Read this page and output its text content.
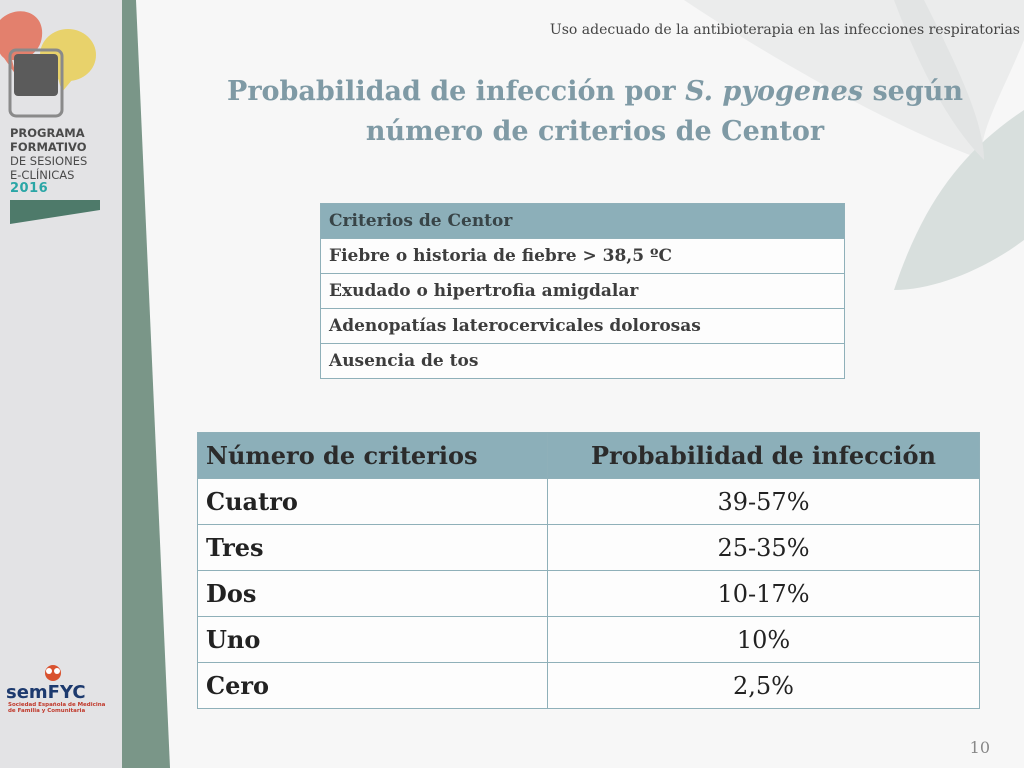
PROGRAMA
FORMATIVO
DE SESIONES
E-CLÍNICAS
2016
semFYC
Sociedad Española de Medicina de Familia y Comunitaria
Uso adecuado de la antibioterapia en las infecciones respiratorias
Probabilidad de infección por S. pyogenes según
número de criterios de Centor
Criterios de Centor
Fiebre o historia de fiebre > 38,5 ºC
Exudado o hipertrofia amigdalar
Adenopatías laterocervicales dolorosas
Ausencia de tos
Número de criterios	Probabilidad de infección
Cuatro	39-57%
Tres	25-35%
Dos	10-17%
Uno	10%
Cero	2,5%
10
